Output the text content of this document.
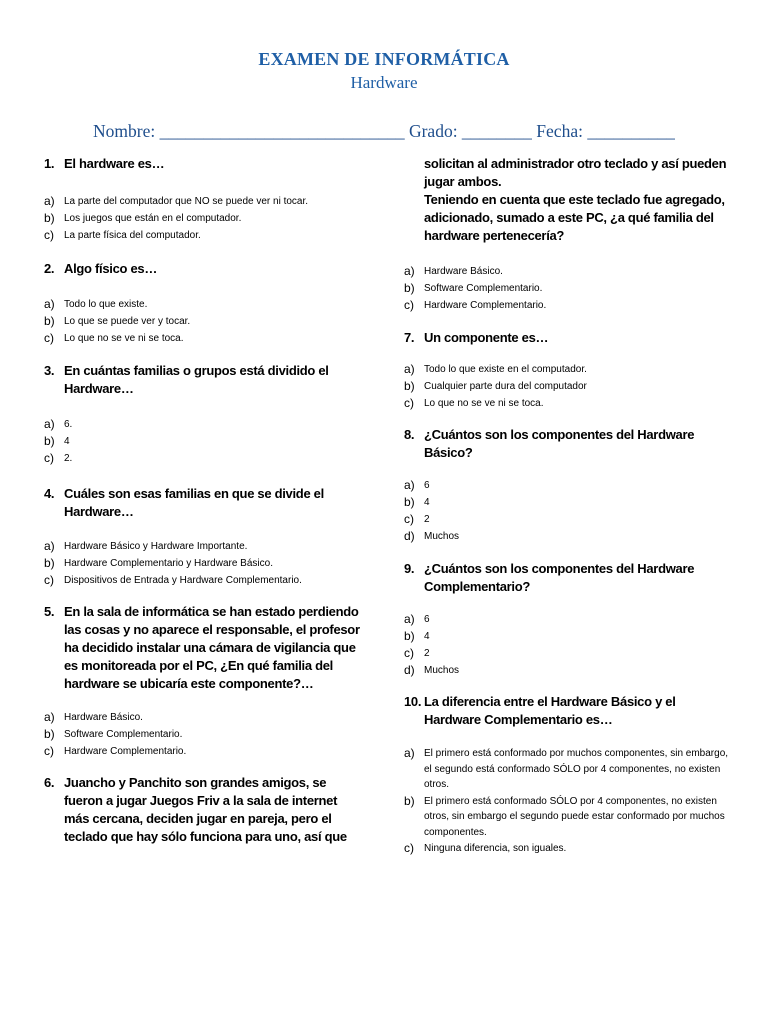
EXAMEN DE INFORMÁTICA
Hardware
Nombre: ____________________________ Grado: ________ Fecha: __________
1. El hardware es…
a) La parte del computador que NO se puede ver ni tocar.
b) Los juegos que están en el computador.
c)	La parte física del computador.
2. Algo físico es…
a) Todo lo que existe.
b) Lo que se puede ver y tocar.
c)	Lo que no se ve ni se toca.
3. En cuántas familias o grupos está dividido el Hardware…
a) 6.
b) 4
c)	2.
4. Cuáles son esas familias en que se divide el Hardware…
a) Hardware Básico y Hardware Importante.
b) Hardware Complementario y Hardware Básico.
c)	Dispositivos de Entrada y Hardware Complementario.
5. En la sala de informática se han estado perdiendo las cosas y no aparece el responsable, el profesor ha decidido instalar una cámara de vigilancia que es monitoreada por el PC, ¿En qué familia del hardware se ubicaría este componente?…
a) Hardware Básico.
b) Software Complementario.
c)	Hardware Complementario.
6. Juancho y Panchito son grandes amigos, se fueron a jugar Juegos Friv a la sala de internet más cercana, deciden jugar en pareja, pero el teclado que hay sólo funciona para uno, así que
solicitan al administrador otro teclado y así pueden jugar ambos.
Teniendo en cuenta que este teclado fue agregado, adicionado, sumado a este PC, ¿a qué familia del hardware pertenecería?
a) Hardware Básico.
b) Software Complementario.
c)	Hardware Complementario.
7. Un componente es…
a) Todo lo que existe en el computador.
b) Cualquier parte dura del computador
c)	Lo que no se ve ni se toca.
8. ¿Cuántos son los componentes del Hardware Básico?
a) 6
b) 4
c)	2
d) Muchos
9. ¿Cuántos son los componentes del Hardware Complementario?
a) 6
b) 4
c)	2
d) Muchos
10. La diferencia entre el Hardware Básico y el Hardware Complementario es…
a) El primero está conformado por muchos componentes, sin embargo, el segundo está conformado SÓLO por 4 componentes, no existen otros.
b) El primero está conformado SÓLO por 4 componentes, no existen otros, sin embargo el segundo puede estar conformado por muchos componentes.
c)	Ninguna diferencia, son iguales.
